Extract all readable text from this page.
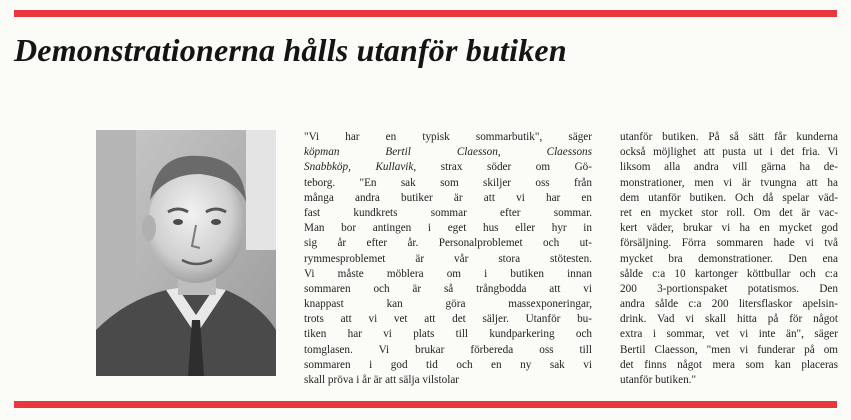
Demonstrationerna hålls utanför butiken
"Vi har en typisk sommarbutik", säger
köpman Bertil Claesson, Claessons
Snabbköp, Kullavik, strax söder om Gö-
teborg. "En sak som skiljer oss från
många andra butiker är att vi har en
fast kundkrets sommar efter sommar.
Man bor antingen i eget hus eller hyr in
sig år efter år. Personalproblemet och ut-
rymmesproblemet är vår stora stötesten.
Vi måste möblera om i butiken innan
sommaren och är så trångbodda att vi
knappast kan göra massexponeringar,
trots att vi vet att det säljer. Utanför bu-
tiken har vi plats till kundparkering och
tomglasen. Vi brukar förbereda oss till
sommaren i god tid och en ny sak vi
skall pröva i år är att sälja vilstolar
utanför butiken. På så sätt får kunderna
också möjlighet att pusta ut i det fria. Vi
liksom alla andra vill gärna ha de-
monstrationer, men vi är tvungna att ha
dem utanför butiken. Och då spelar väd-
ret en mycket stor roll. Om det är vac-
kert väder, brukar vi ha en mycket god
försäljning. Förra sommaren hade vi två
mycket bra demonstrationer. Den ena
sålde c:a 10 kartonger köttbullar och c:a
200 3-portionspaket potatismos. Den
andra sålde c:a 200 litersflaskor apelsin-
drink. Vad vi skall hitta på för något
extra i sommar, vet vi inte än", säger
Bertil Claesson, "men vi funderar på om
det finns något mera som kan placeras
utanför butiken."
